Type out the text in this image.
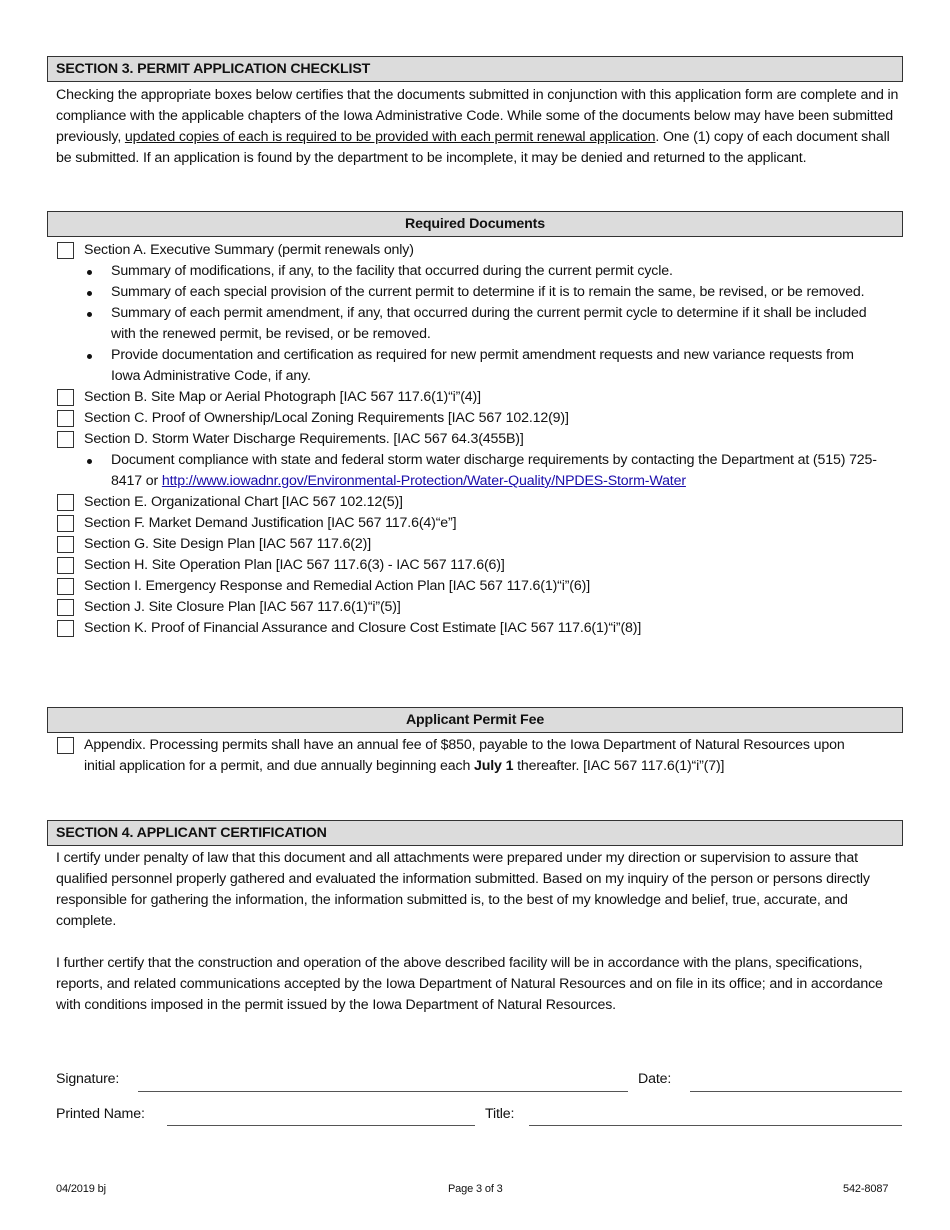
SECTION 3. PERMIT APPLICATION CHECKLIST
Checking the appropriate boxes below certifies that the documents submitted in conjunction with this application form are complete and in compliance with the applicable chapters of the Iowa Administrative Code. While some of the documents below may have been submitted previously, updated copies of each is required to be provided with each permit renewal application. One (1) copy of each document shall be submitted. If an application is found by the department to be incomplete, it may be denied and returned to the applicant.
Required Documents
Section A. Executive Summary (permit renewals only)
Summary of modifications, if any, to the facility that occurred during the current permit cycle.
Summary of each special provision of the current permit to determine if it is to remain the same, be revised, or be removed.
Summary of each permit amendment, if any, that occurred during the current permit cycle to determine if it shall be included with the renewed permit, be revised, or be removed.
Provide documentation and certification as required for new permit amendment requests and new variance requests from Iowa Administrative Code, if any.
Section B. Site Map or Aerial Photograph [IAC 567 117.6(1)“i”(4)]
Section C. Proof of Ownership/Local Zoning Requirements [IAC 567 102.12(9)]
Section D. Storm Water Discharge Requirements. [IAC 567 64.3(455B)]
Document compliance with state and federal storm water discharge requirements by contacting the Department at (515) 725-8417 or http://www.iowadnr.gov/Environmental-Protection/Water-Quality/NPDES-Storm-Water
Section E. Organizational Chart [IAC 567 102.12(5)]
Section F. Market Demand Justification [IAC 567 117.6(4)“e”]
Section G. Site Design Plan [IAC 567 117.6(2)]
Section H. Site Operation Plan [IAC 567 117.6(3) - IAC 567 117.6(6)]
Section I. Emergency Response and Remedial Action Plan [IAC 567 117.6(1)“i”(6)]
Section J. Site Closure Plan [IAC 567 117.6(1)“i”(5)]
Section K. Proof of Financial Assurance and Closure Cost Estimate [IAC 567 117.6(1)“i”(8)]
Applicant Permit Fee
Appendix. Processing permits shall have an annual fee of $850, payable to the Iowa Department of Natural Resources upon initial application for a permit, and due annually beginning each July 1 thereafter. [IAC 567 117.6(1)“i”(7)]
SECTION 4. APPLICANT CERTIFICATION
I certify under penalty of law that this document and all attachments were prepared under my direction or supervision to assure that qualified personnel properly gathered and evaluated the information submitted. Based on my inquiry of the person or persons directly responsible for gathering the information, the information submitted is, to the best of my knowledge and belief, true, accurate, and complete.
I further certify that the construction and operation of the above described facility will be in accordance with the plans, specifications, reports, and related communications accepted by the Iowa Department of Natural Resources and on file in its office; and in accordance with conditions imposed in the permit issued by the Iowa Department of Natural Resources.
Signature:	Date:
Printed Name:	Title:
04/2019 bj	Page 3 of 3	542-8087
